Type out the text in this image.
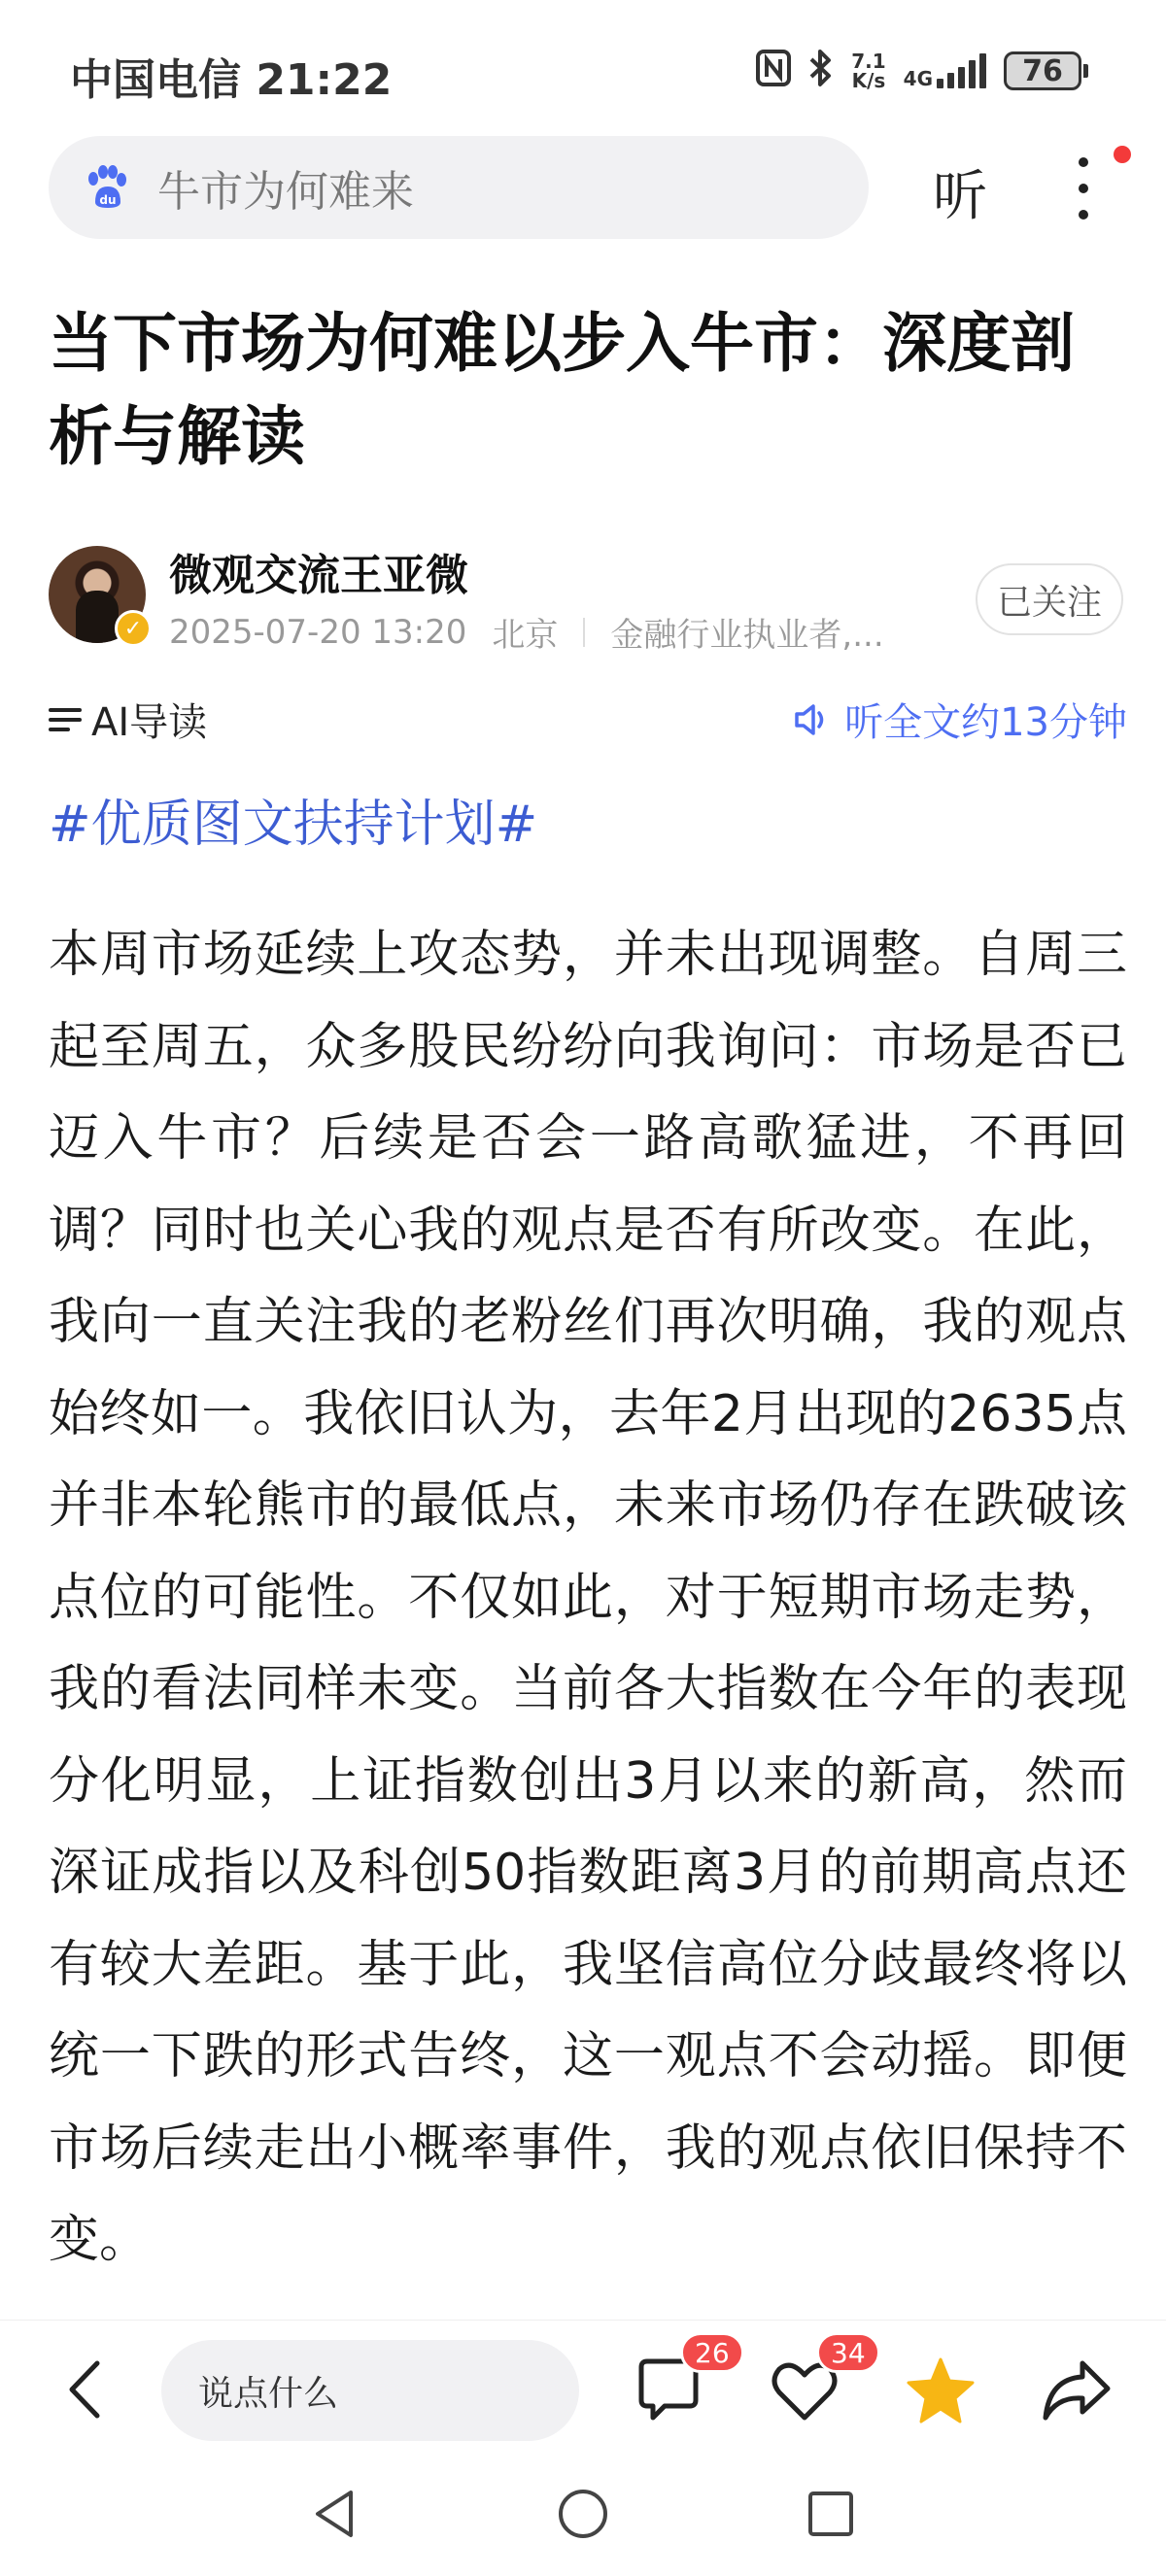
中国电信 21:22	7.1
K/s 4G	76
du 牛市为何难来	听
当下市场为何难以步入牛市：深度剖析与解读
✓
微观交流王亚微
2025-07-20 13:20 北京 金融行业执业者,...
已关注
AI导读	听全文约13分钟
#优质图文扶持计划#
本周市场延续上攻态势，并未出现调整。自周三起至周五，众多股民纷纷向我询问：市场是否已迈入牛市？后续是否会一路高歌猛进，不再回调？同时也关心我的观点是否有所改变。在此，我向一直关注我的老粉丝们再次明确，我的观点始终如一。我依旧认为，去年2月出现的2635点并非本轮熊市的最低点，未来市场仍存在跌破该点位的可能性。不仅如此，对于短期市场走势，我的看法同样未变。当前各大指数在今年的表现分化明显，上证指数创出3月以来的新高，然而深证成指以及科创50指数距离3月的前期高点还有较大差距。基于此，我坚信高位分歧最终将以统一下跌的形式告终，这一观点不会动摇。即便市场后续走出小概率事件，我的观点依旧保持不变。
说点什么
26	34
